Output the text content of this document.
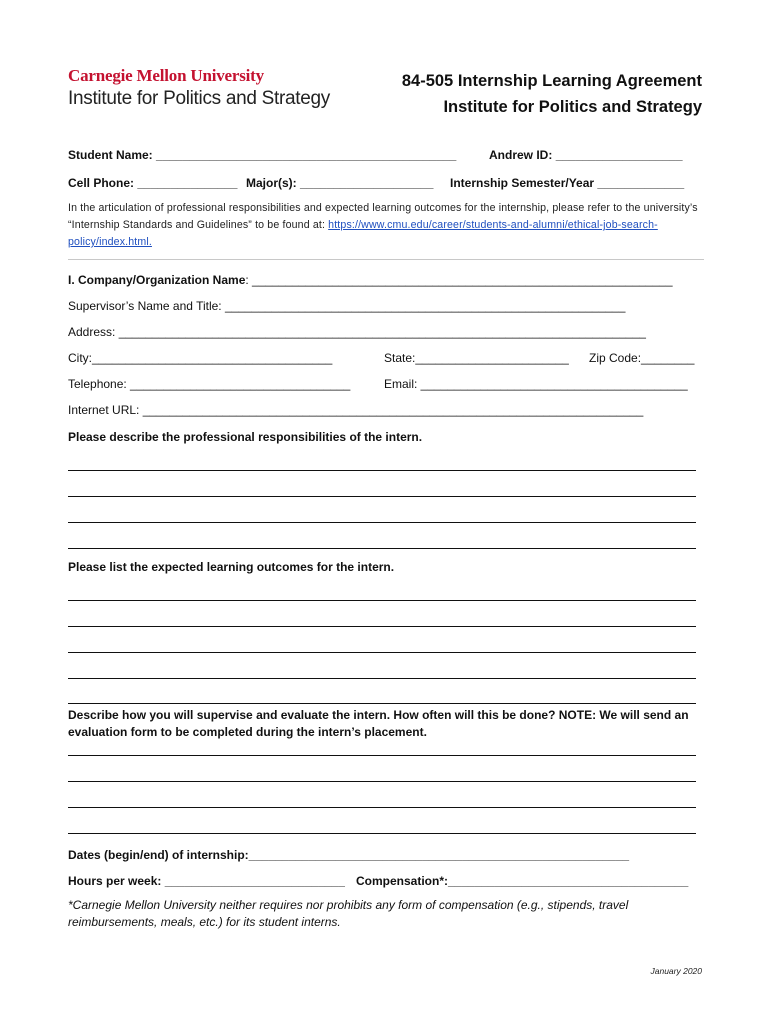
Carnegie Mellon University
Institute for Politics and Strategy
84-505 Internship Learning Agreement
Institute for Politics and Strategy
Student Name: _____________________________________________	Andrew ID: ___________________
Cell Phone: _______________ Major(s): ____________________ Internship Semester/Year _____________
In the articulation of professional responsibilities and expected learning outcomes for the internship, please refer to the university’s “Internship Standards and Guidelines” to be found at: https://www.cmu.edu/career/students-and-alumni/ethical-job-search-policy/index.html.
I. Company/Organization Name: _______________________________________________________________
Supervisor’s Name and Title: ____________________________________________________________
Address: _______________________________________________________________________________
City:____________________________________	State:_______________________ Zip Code:________
Telephone: _________________________________	Email: ________________________________________
Internet URL: ___________________________________________________________________________
Please describe the professional responsibilities of the intern.
Please list the expected learning outcomes for the intern.
Describe how you will supervise and evaluate the intern. How often will this be done? NOTE: We will send an
evaluation form to be completed during the intern’s placement.
Dates (begin/end) of internship:_________________________________________________________
Hours per week: ___________________________ Compensation*:____________________________________
*Carnegie Mellon University neither requires nor prohibits any form of compensation (e.g., stipends, travel reimbursements, meals, etc.) for its student interns.
January 2020
